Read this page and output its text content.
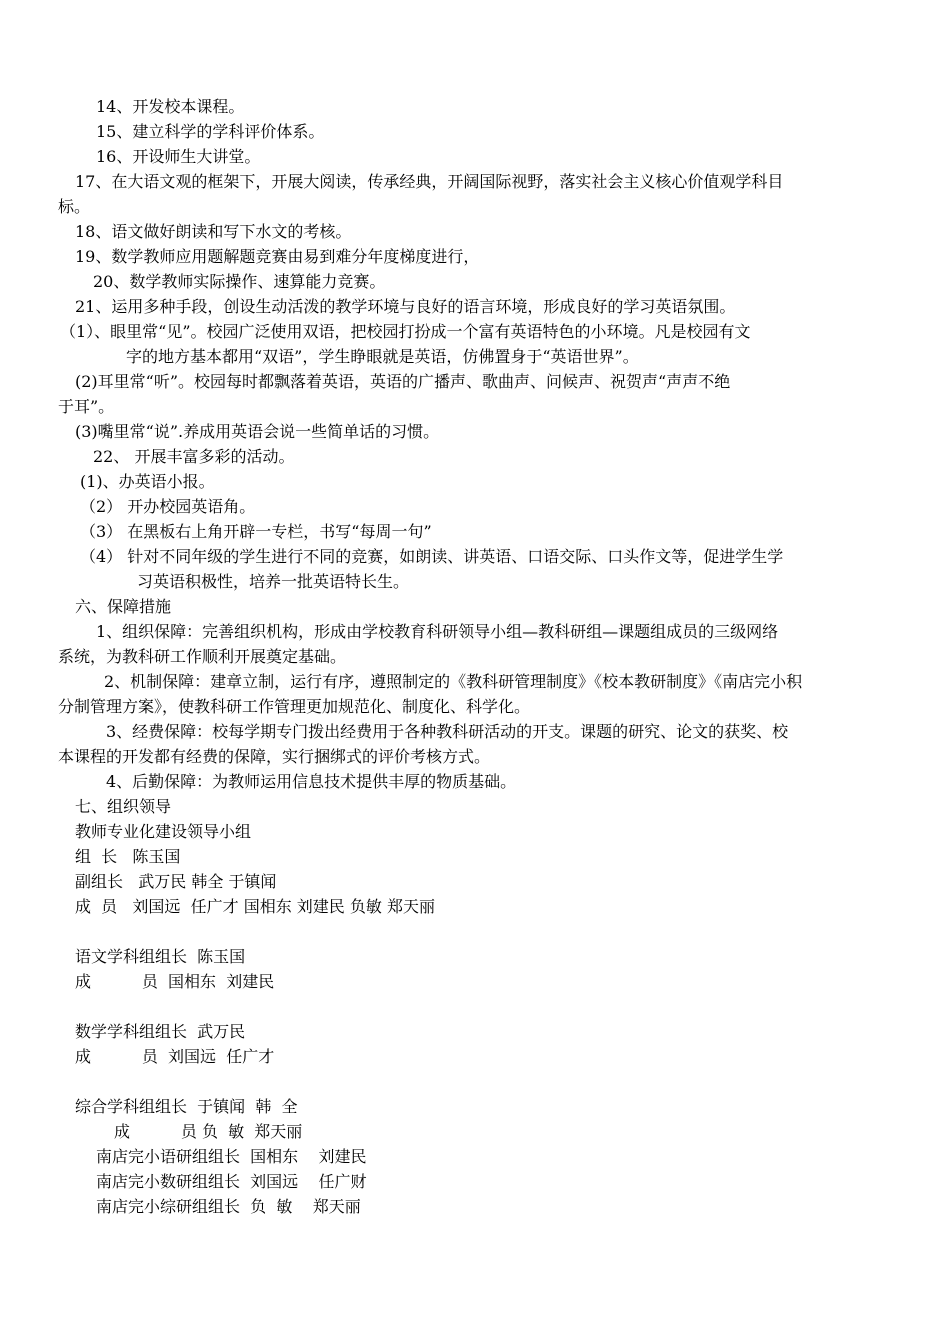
14、开发校本课程。
15、建立科学的学科评价体系。
16、开设师生大讲堂。
17、在大语文观的框架下，开展大阅读，传承经典，开阔国际视野，落实社会主义核心价值观学科目
标。
18、语文做好朗读和写下水文的考核。
19、数学教师应用题解题竞赛由易到难分年度梯度进行，
20、数学教师实际操作、速算能力竞赛。
21、运用多种手段，创设生动活泼的教学环境与良好的语言环境，形成良好的学习英语氛围。
（1）、眼里常“见”。校园广泛使用双语，把校园打扮成一个富有英语特色的小环境。凡是校园有文
字的地方基本都用“双语”，学生睁眼就是英语，仿佛置身于“英语世界”。
(2)耳里常“听”。校园每时都飘落着英语，英语的广播声、歌曲声、问候声、祝贺声“声声不绝
于耳”。
(3)嘴里常“说”.养成用英语会说一些简单话的习惯。
22、 开展丰富多彩的活动。
(1)、办英语小报。
（2） 开办校园英语角。
（3） 在黑板右上角开辟一专栏，书写“每周一句”
（4） 针对不同年级的学生进行不同的竞赛，如朗读、讲英语、口语交际、口头作文等，促进学生学
习英语积极性，培养一批英语特长生。
六、保障措施
1、组织保障：完善组织机构，形成由学校教育科研领导小组—教科研组—课题组成员的三级网络
系统，为教科研工作顺利开展奠定基础。
2、机制保障：建章立制，运行有序，遵照制定的《教科研管理制度》《校本教研制度》《南店完小积
分制管理方案》，使教科研工作管理更加规范化、制度化、科学化。
3、经费保障：校每学期专门拨出经费用于各种教科研活动的开支。课题的研究、论文的获奖、校
本课程的开发都有经费的保障，实行捆绑式的评价考核方式。
4、后勤保障：为教师运用信息技术提供丰厚的物质基础。
七、组织领导
教师专业化建设领导小组
组  长   陈玉国
副组长   武万民 韩全 于镇闻
成  员   刘国远  任广才 国相东 刘建民 负敏 郑天丽
语文学科组组长  陈玉国
成          员  国相东  刘建民
数学学科组组长  武万民
成          员  刘国远  任广才
综合学科组组长  于镇闻  韩  全
成          员 负  敏  郑天丽
南店完小语研组组长  国相东    刘建民
南店完小数研组组长  刘国远    任广财
南店完小综研组组长  负  敏    郑天丽
